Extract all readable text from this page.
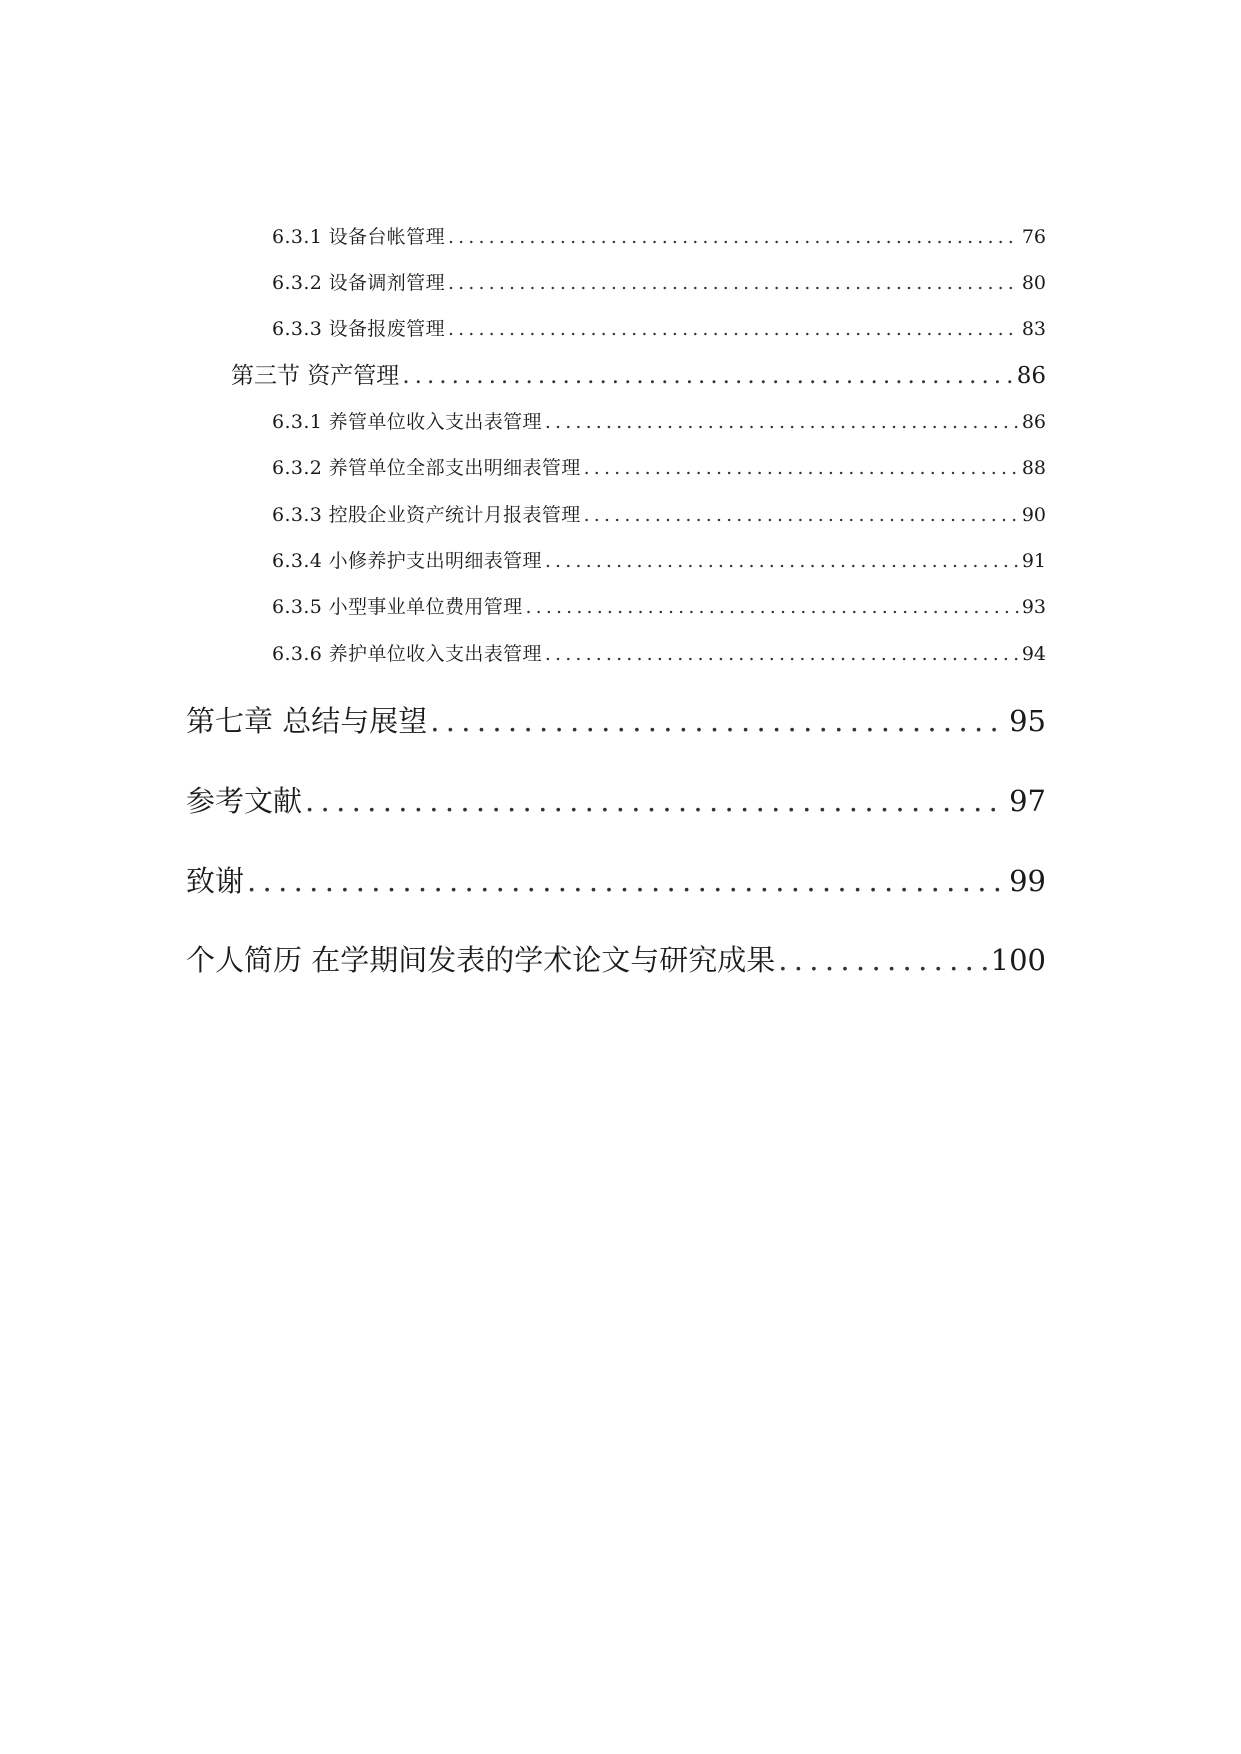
6.3.1 设备台帐管理 . . .	76
6.3.2 设备调剂管理 . . .	80
6.3.3 设备报废管理 . . .	83
第三节 资产管理 . . .	86
6.3.1 养管单位收入支出表管理 . . .	86
6.3.2 养管单位全部支出明细表管理 . . .	88
6.3.3 控股企业资产统计月报表管理 . . .	90
6.3.4 小修养护支出明细表管理 . . .	91
6.3.5 小型事业单位费用管理 . . .	93
6.3.6 养护单位收入支出表管理 . . .	94
第七章 总结与展望 . . .	95
参考文献 . . .	97
致谢 . . .	99
个人简历 在学期间发表的学术论文与研究成果 . . .	100
